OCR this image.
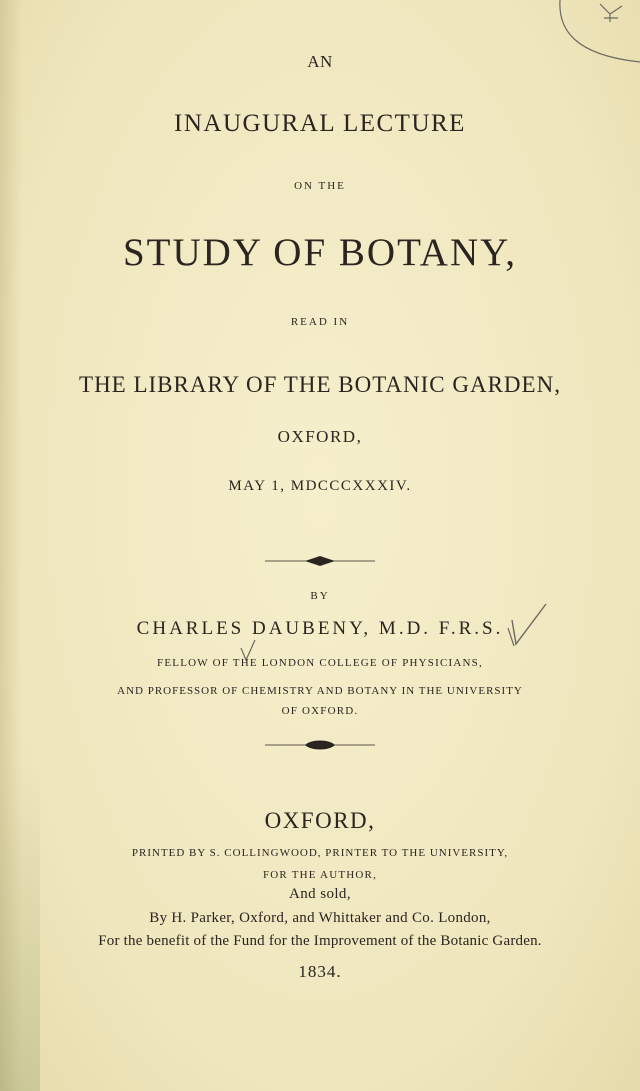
AN
INAUGURAL LECTURE
ON THE
STUDY OF BOTANY,
READ IN
THE LIBRARY OF THE BOTANIC GARDEN,
OXFORD,
MAY 1, MDCCCXXXIV.
BY
CHARLES DAUBENY, M.D. F.R.S.
FELLOW OF THE LONDON COLLEGE OF PHYSICIANS,
AND PROFESSOR OF CHEMISTRY AND BOTANY IN THE UNIVERSITY
OF OXFORD.
OXFORD,
PRINTED BY S. COLLINGWOOD, PRINTER TO THE UNIVERSITY,
FOR THE AUTHOR,
And sold,
By H. Parker, Oxford, and Whittaker and Co. London,
For the benefit of the Fund for the Improvement of the Botanic Garden.
1834.
